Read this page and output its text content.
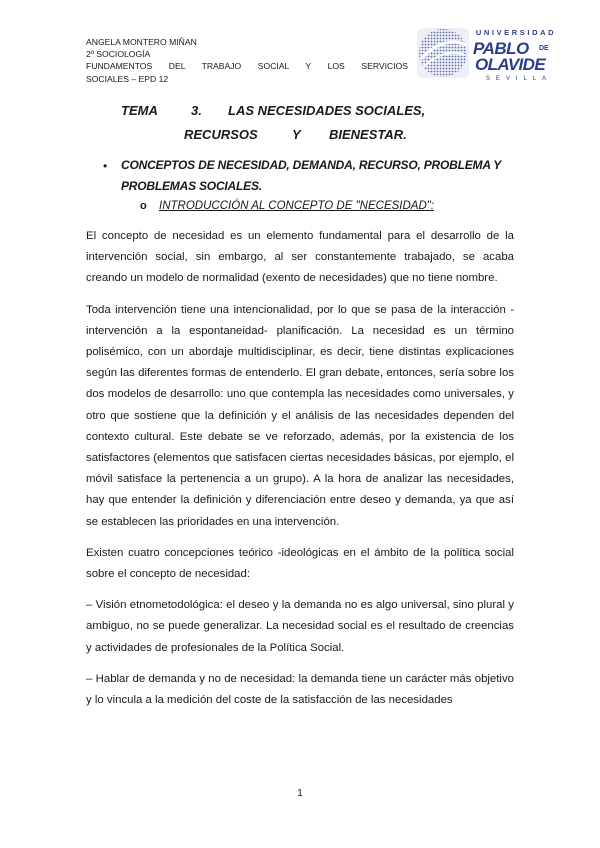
ANGELA MONTERO MIÑAN
2º SOCIOLOGÍA
FUNDAMENTOS DEL TRABAJO SOCIAL Y LOS SERVICIOS
SOCIALES – EPD 12
UNIVERSIDAD
PABLO DE
OLAVIDE
SEVILLA
TEMA	3. LAS NECESIDADES SOCIALES,
RECURSOS	Y BIENESTAR.
• CONCEPTOS DE NECESIDAD, DEMANDA, RECURSO, PROBLEMA Y PROBLEMAS SOCIALES.
o INTRODUCCIÓN AL CONCEPTO DE "NECESIDAD":

El concepto de necesidad es un elemento fundamental para el desarrollo de la intervención social, sin embargo, al ser constantemente trabajado, se acaba creando un modelo de normalidad (exento de necesidades) que no tiene nombre.

Toda intervención tiene una intencionalidad, por lo que se pasa de la interacción -intervención a la espontaneidad- planificación. La necesidad es un término polisémico, con un abordaje multidisciplinar, es decir, tiene distintas explicaciones según las diferentes formas de entenderlo. El gran debate, entonces, sería sobre los dos modelos de desarrollo: uno que contempla las necesidades como universales, y otro que sostiene que la definición y el análisis de las necesidades dependen del contexto cultural. Este debate se ve reforzado, además, por la existencia de los satisfactores (elementos que satisfacen ciertas necesidades básicas, por ejemplo, el móvil satisface la pertenencia a un grupo). A la hora de analizar las necesidades, hay que entender la definición y diferenciación entre deseo y demanda, ya que así se establecen las prioridades en una intervención.

Existen cuatro concepciones teórico -ideológicas en el ámbito de la política social sobre el concepto de necesidad:

– Visión etnometodológica: el deseo y la demanda no es algo universal, sino plural y ambiguo, no se puede generalizar. La necesidad social es el resultado de creencias y actividades de profesionales de la Política Social.

– Hablar de demanda y no de necesidad: la demanda tiene un carácter más objetivo y lo vincula a la medición del coste de la satisfacción de las necesidades

1
